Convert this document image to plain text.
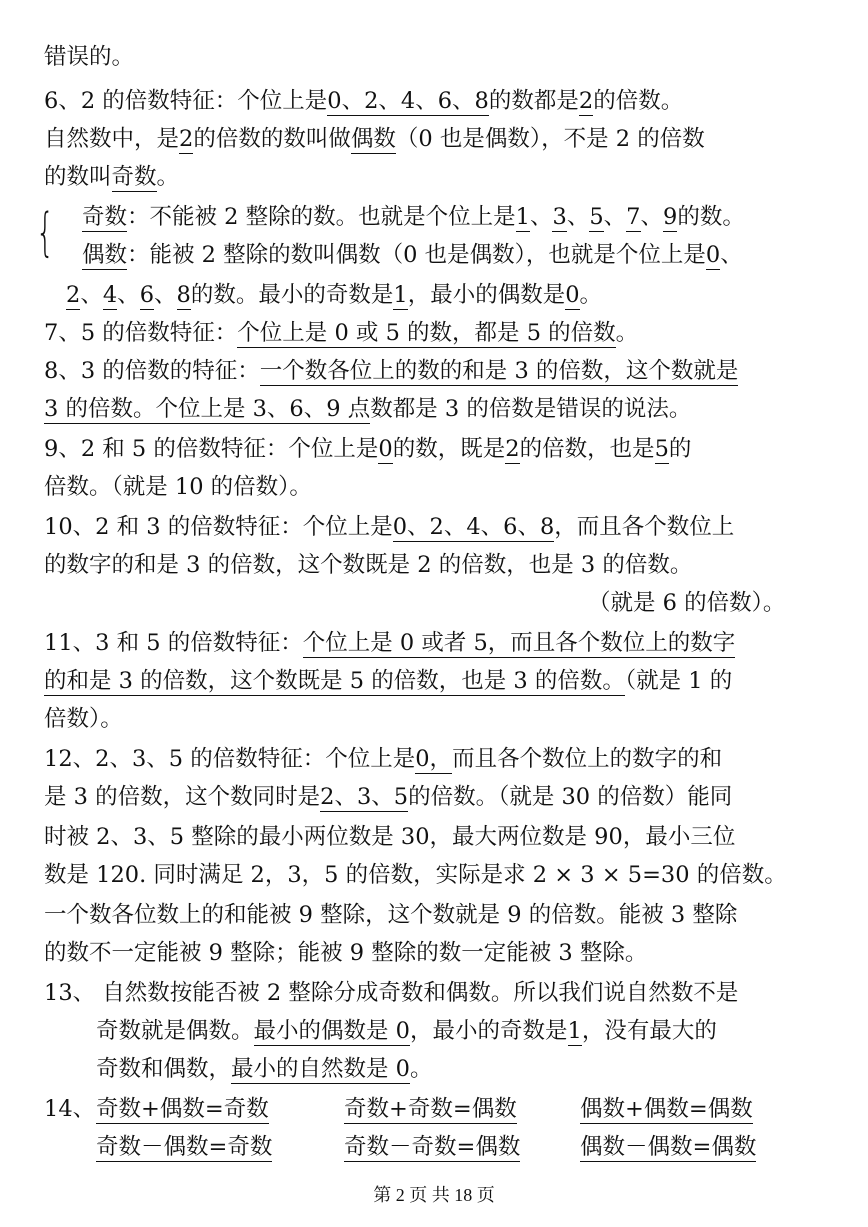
错误的。
6、2 的倍数特征：个位上是0、2、4、6、8的数都是2的倍数。
自然数中，是2的倍数的数叫做偶数（0 也是偶数），不是 2 的倍数
的数叫奇数。
{ 奇数：不能被 2 整除的数。也就是个位上是1、3、5、7、9的数。
偶数：能被 2 整除的数叫偶数（0 也是偶数），也就是个位上是0、
2、4、6、8的数。最小的奇数是1，最小的偶数是0。
7、5 的倍数特征：个位上是 0 或 5 的数，都是 5 的倍数。
8、3 的倍数的特征：一个数各位上的数的和是 3 的倍数，这个数就是
3 的倍数。个位上是 3、6、9 点数都是 3 的倍数是错误的说法。
9、2 和 5 的倍数特征：个位上是0的数，既是2的倍数，也是5的
倍数。（就是 10 的倍数）。
10、2 和 3 的倍数特征：个位上是0、2、4、6、8，而且各个数位上
的数字的和是 3 的倍数，这个数既是 2 的倍数，也是 3 的倍数。
（就是 6 的倍数）。
11、3 和 5 的倍数特征：个位上是 0 或者 5，而且各个数位上的数字
的和是 3 的倍数，这个数既是 5 的倍数，也是 3 的倍数。（就是 1 的
倍数）。
12、2、3、5 的倍数特征：个位上是0，而且各个数位上的数字的和
是 3 的倍数，这个数同时是2、3、5的倍数。（就是 30 的倍数）能同
时被 2、3、5 整除的最小两位数是 30，最大两位数是 90，最小三位
数是 120. 同时满足 2，3，5 的倍数，实际是求 2 × 3 × 5=30 的倍数。
一个数各位数上的和能被 9 整除，这个数就是 9 的倍数。能被 3 整除
的数不一定能被 9 整除；能被 9 整除的数一定能被 3 整除。
13、 自然数按能否被 2 整除分成奇数和偶数。所以我们说自然数不是
奇数就是偶数。最小的偶数是 0，最小的奇数是1，没有最大的
奇数和偶数，最小的自然数是 0。
14、 奇数+偶数=奇数	奇数+奇数=偶数	偶数+偶数=偶数
奇数－偶数=奇数	奇数－奇数=偶数	偶数－偶数=偶数
第 2 页 共 18 页
